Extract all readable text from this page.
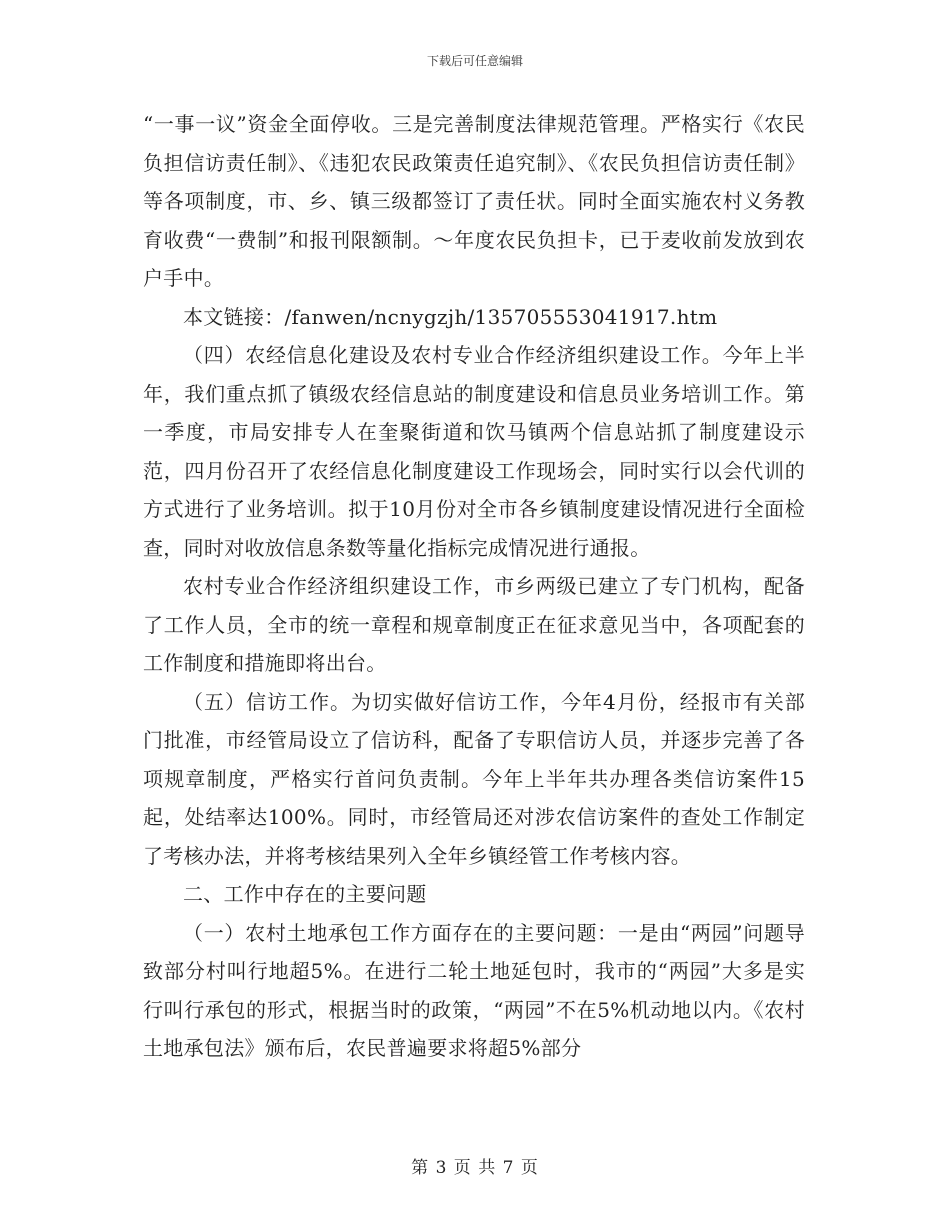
下载后可任意编辑

“一事一议”资金全面停收。三是完善制度法律规范管理。严格实行《农民负担信访责任制》、《违犯农民政策责任追究制》、《农民负担信访责任制》等各项制度，市、乡、镇三级都签订了责任状。同时全面实施农村义务教育收费“一费制”和报刊限额制。～年度农民负担卡，已于麦收前发放到农户手中。

本文链接：/fanwen/ncnygzjh/135705553041917.htm

（四）农经信息化建设及农村专业合作经济组织建设工作。今年上半年，我们重点抓了镇级农经信息站的制度建设和信息员业务培训工作。第一季度，市局安排专人在奎聚街道和饮马镇两个信息站抓了制度建设示范，四月份召开了农经信息化制度建设工作现场会，同时实行以会代训的方式进行了业务培训。拟于10月份对全市各乡镇制度建设情况进行全面检查，同时对收放信息条数等量化指标完成情况进行通报。

农村专业合作经济组织建设工作，市乡两级已建立了专门机构，配备了工作人员，全市的统一章程和规章制度正在征求意见当中，各项配套的工作制度和措施即将出台。

（五）信访工作。为切实做好信访工作，今年4月份，经报市有关部门批准，市经管局设立了信访科，配备了专职信访人员，并逐步完善了各项规章制度，严格实行首问负责制。今年上半年共办理各类信访案件15起，处结率达100%。同时，市经管局还对涉农信访案件的查处工作制定了考核办法，并将考核结果列入全年乡镇经管工作考核内容。

二、工作中存在的主要问题

（一）农村土地承包工作方面存在的主要问题：一是由“两园”问题导致部分村叫行地超5%。在进行二轮土地延包时，我市的“两园”大多是实行叫行承包的形式，根据当时的政策，“两园”不在5%机动地以内。《农村土地承包法》颁布后，农民普遍要求将超5%部分

第 3 页 共 7 页
